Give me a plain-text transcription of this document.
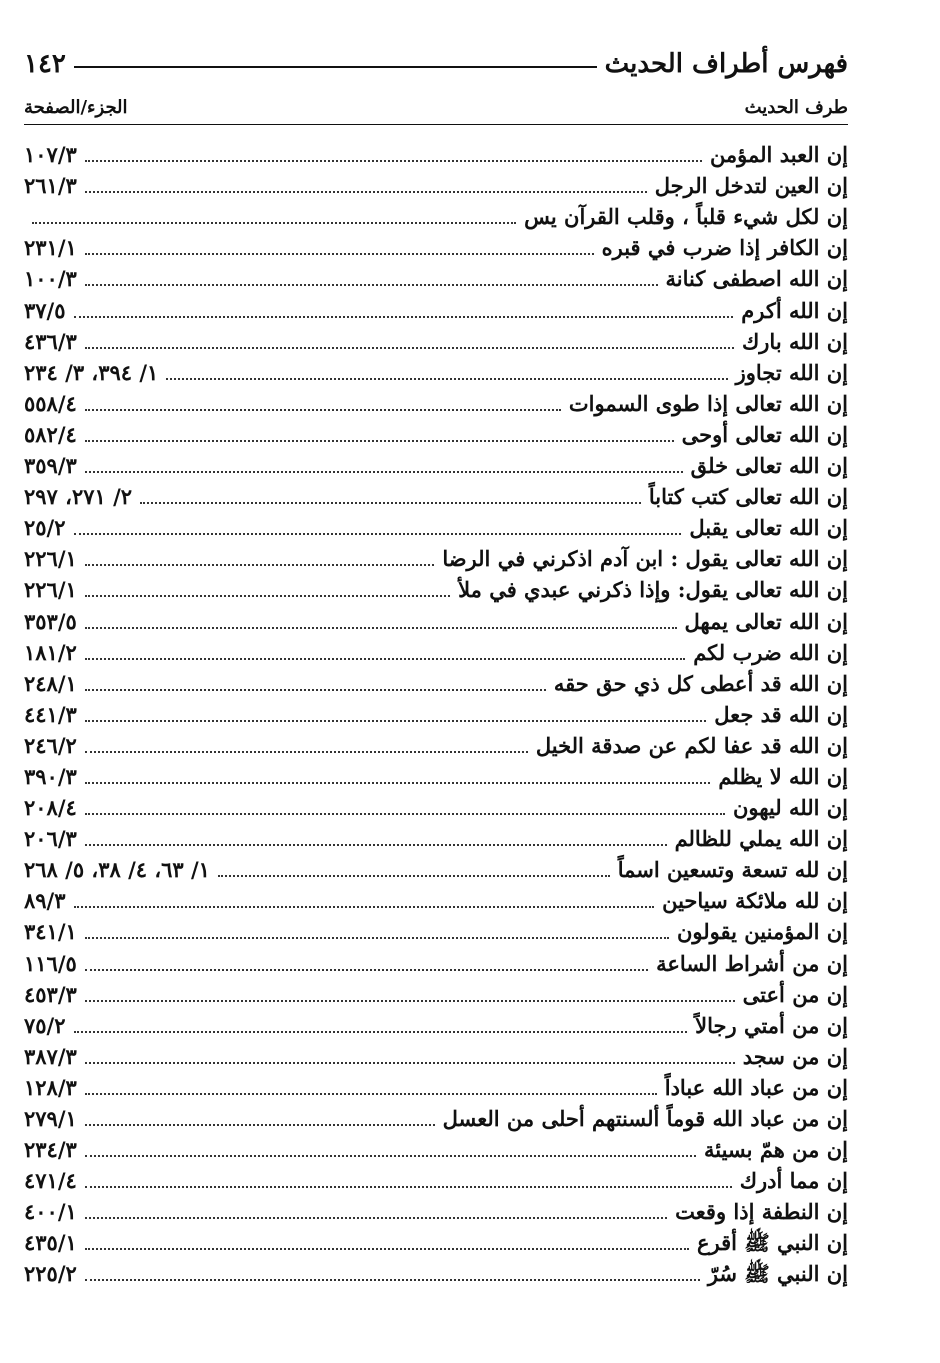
فهرس أطراف الحديث
١٤٢
طرف الحديث
الجزء/الصفحة
إن العبد المؤمن
١٠٧/٣
إن العين لتدخل الرجل
٢٦١/٣
إن لكل شيء قلباً ، وقلب القرآن يس
إن الكافر إذا ضرب في قبره
٢٣١/١
إن الله اصطفى كنانة
١٠٠/٣
إن الله أكرم
٣٧/٥
إن الله بارك
٤٣٦/٣
إن الله تجاوز
١/ ٣٩٤، ٣/ ٢٣٤
إن الله تعالى إذا طوى السموات
٥٥٨/٤
إن الله تعالى أوحى
٥٨٢/٤
إن الله تعالى خلق
٣٥٩/٣
إن الله تعالى كتب كتاباً
٢/ ٢٧١، ٢٩٧
إن الله تعالى يقبل
٢٥/٢
إن الله تعالى يقول : ابن آدم اذكرني في الرضا
٢٢٦/١
إن الله تعالى يقول: وإذا ذكرني عبدي في ملأ
٢٢٦/١
إن الله تعالى يمهل
٣٥٣/٥
إن الله ضرب لكم
١٨١/٢
إن الله قد أعطى كل ذي حق حقه
٢٤٨/١
إن الله قد جعل
٤٤١/٣
إن الله قد عفا لكم عن صدقة الخيل
٢٤٦/٢
إن الله لا يظلم
٣٩٠/٣
إن الله ليهون
٢٠٨/٤
إن الله يملي للظالم
٢٠٦/٣
إن لله تسعة وتسعين اسماً
١/ ٦٣، ٤/ ٣٨، ٥/ ٢٦٨
إن لله ملائكة سياحين
٨٩/٣
إن المؤمنين يقولون
٣٤١/١
إن من أشراط الساعة
١١٦/٥
إن من أعتى
٤٥٣/٣
إن من أمتي رجالاً
٧٥/٢
إن من سجد
٣٨٧/٣
إن من عباد الله عباداً
١٢٨/٣
إن من عباد الله قوماً ألسنتهم أحلى من العسل
٢٧٩/١
إن من همّ بسيئة
٢٣٤/٣
إن مما أدرك
٤٧١/٤
إن النطفة إذا وقعت
٤٠٠/١
إن النبي ﷺ أقرع
٤٣٥/١
إن النبي ﷺ سُرّ
٢٢٥/٢
